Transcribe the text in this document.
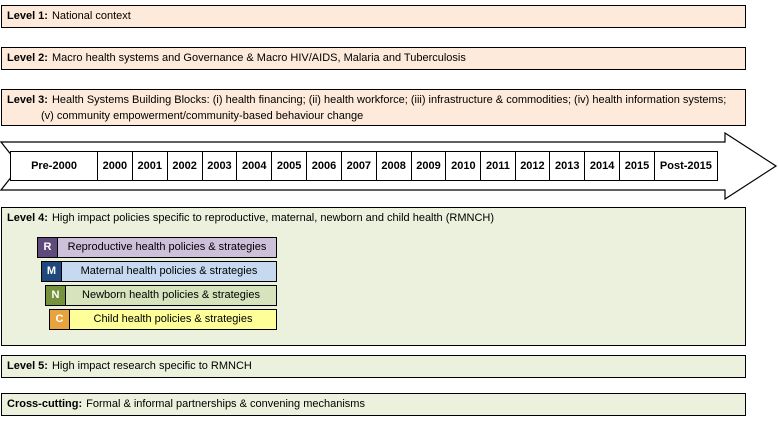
Level 1: National context
Level 2: Macro health systems and Governance & Macro HIV/AIDS, Malaria and Tuberculosis
Level 3: Health Systems Building Blocks: (i) health financing; (ii) health workforce; (iii) infrastructure & commodities; (iv) health information systems;
(v) community empowerment/community-based behaviour change
Pre-2000	2000 2001 2002 2003 2004 2005 2006 2007 2008 2009 2010 2011 2012 2013 2014 2015 Post-2015
Level 4: High impact policies specific to reproductive, maternal, newborn and child health (RMNCH)
R	Reproductive health policies & strategies
M	Maternal health policies & strategies
N	Newborn health policies & strategies
C	Child health policies & strategies
Level 5: High impact research specific to RMNCH
Cross-cutting: Formal & informal partnerships & convening mechanisms
